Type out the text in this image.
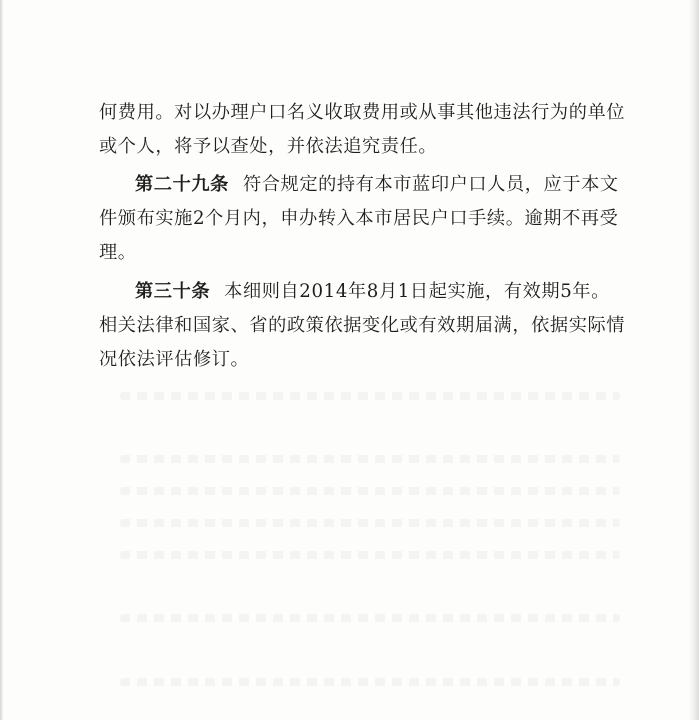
何费用。对以办理户口名义收取费用或从事其他违法行为的单位
或个人，将予以查处，并依法追究责任。
第二十九条 符合规定的持有本市蓝印户口人员，应于本文
件颁布实施2个月内，申办转入本市居民户口手续。逾期不再受
理。
第三十条 本细则自2014年8月1日起实施，有效期5年。
相关法律和国家、省的政策依据变化或有效期届满，依据实际情
况依法评估修订。
